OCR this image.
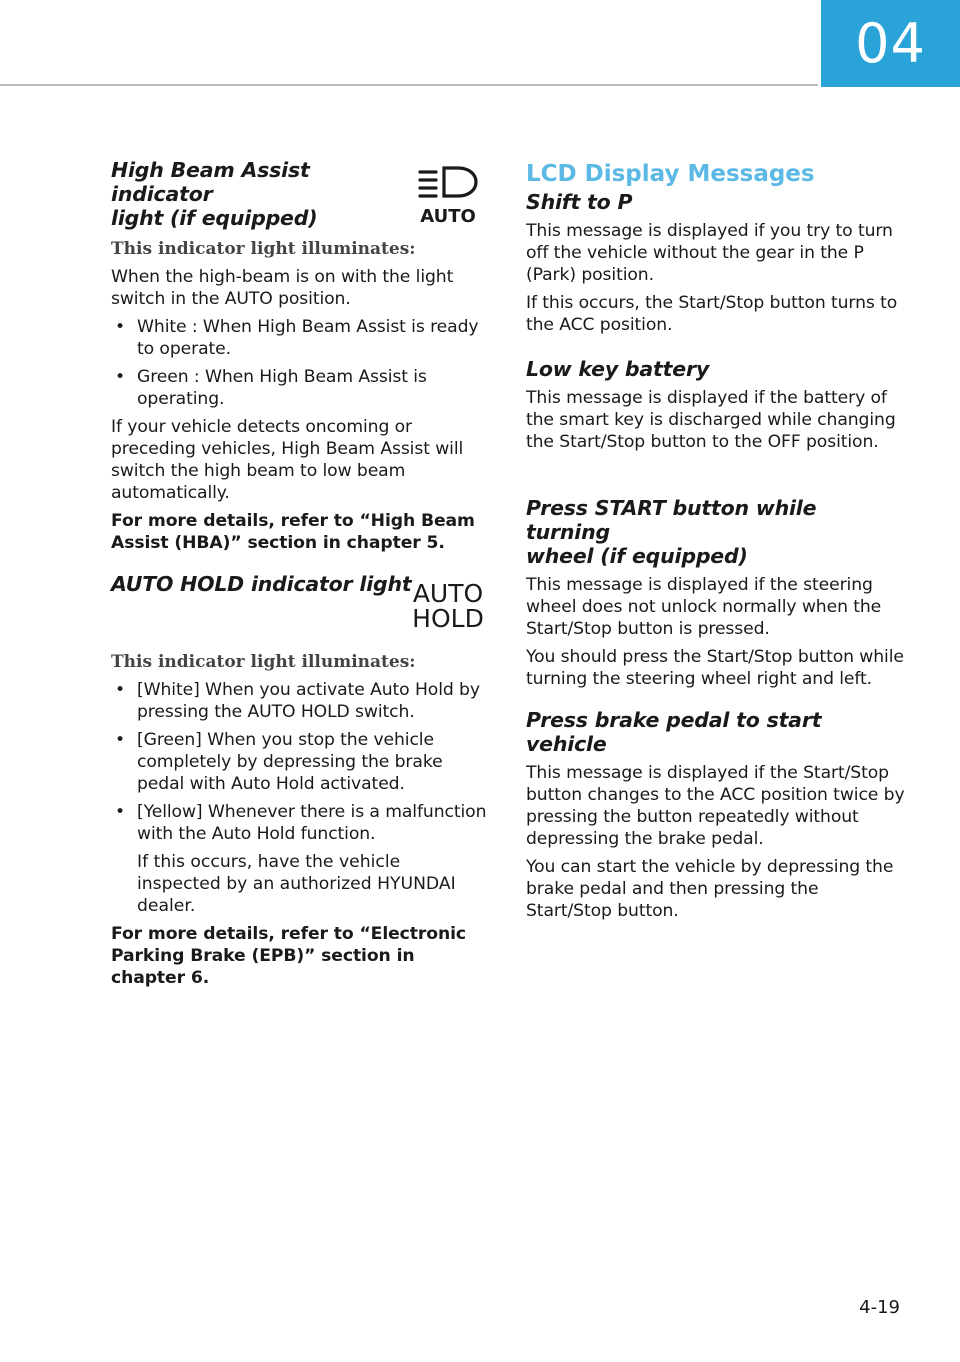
04
High Beam Assist indicator
light (if equipped)	AUTO

This indicator light illuminates:

When the high-beam is on with the light switch in the AUTO position.

• White : When High Beam Assist is ready to operate.
• Green : When High Beam Assist is operating.

If your vehicle detects oncoming or preceding vehicles, High Beam Assist will switch the high beam to low beam automatically.

For more details, refer to “High Beam Assist (HBA)” section in chapter 5.

AUTO HOLD indicator light AUTO
HOLD

This indicator light illuminates:

• [White] When you activate Auto Hold by pressing the AUTO HOLD switch.
• [Green] When you stop the vehicle completely by depressing the brake pedal with Auto Hold activated.
• [Yellow] Whenever there is a malfunction with the Auto Hold function.

If this occurs, have the vehicle inspected by an authorized HYUNDAI dealer.

For more details, refer to “Electronic Parking Brake (EPB)” section in chapter 6.

LCD Display Messages
Shift to P

This message is displayed if you try to turn off the vehicle without the gear in the P (Park) position.

If this occurs, the Start/Stop button turns to the ACC position.

Low key battery

This message is displayed if the battery of the smart key is discharged while changing the Start/Stop button to the OFF position.

Press START button while turning
wheel (if equipped)

This message is displayed if the steering wheel does not unlock normally when the Start/Stop button is pressed.

You should press the Start/Stop button while turning the steering wheel right and left.

Press brake pedal to start vehicle

This message is displayed if the Start/Stop button changes to the ACC position twice by pressing the button repeatedly without depressing the brake pedal.

You can start the vehicle by depressing the brake pedal and then pressing the Start/Stop button.

4-19
